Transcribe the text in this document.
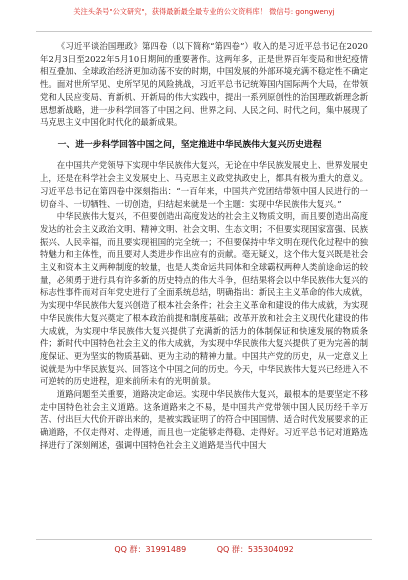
关注头条号"公文研究"，获得最新最全最专业的公文资料库！ 微信号: gongwenyj

《习近平谈治国理政》第四卷（以下简称“第四卷”）收入的是习近平总书记在2020年2月3日至2022年5月10日期间的重要著作。这两年多，正是世界百年变局和世纪疫情相互叠加、全球政治经济更加动荡不安的时期，中国发展的外部环境充满不稳定性不确定性。面对世所罕见、史所罕见的风险挑战，习近平总书记统筹国内国际两个大局，在带领党和人民应变局、育新机、开新局的伟大实践中，提出一系列原创性的治国理政新理念新思想新战略，进一步科学回答了中国之问、世界之问、人民之问、时代之问，集中展现了马克思主义中国化时代化的最新成果。

一、进一步科学回答中国之问，坚定推进中华民族伟大复兴历史进程

在中国共产党领导下实现中华民族伟大复兴，无论在中华民族发展史上、世界发展史上，还是在科学社会主义发展史上、马克思主义政党执政史上，都具有极为重大的意义。习近平总书记在第四卷中深刻指出：“一百年来，中国共产党团结带领中国人民进行的一切奋斗、一切牺牲、一切创造，归结起来就是一个主题：实现中华民族伟大复兴。”

中华民族伟大复兴，不但要创造出高度发达的社会主义物质文明，而且要创造出高度发达的社会主义政治文明、精神文明、社会文明、生态文明；不但要实现国家富强、民族振兴、人民幸福，而且要实现祖国的完全统一；不但要保持中华文明在现代化过程中的独特魅力和主体性，而且要对人类进步作出应有的贡献。毫无疑义，这个伟大复兴既是社会主义和资本主义两种制度的较量，也是人类命运共同体和全球霸权两种人类前途命运的较量，必须勇于进行具有许多新的历史特点的伟大斗争，但结果将会以中华民族伟大复兴的标志性事件而对百年党史进行了全面系统总结，明确指出：新民主主义革命的伟大成就，为实现中华民族伟大复兴创造了根本社会条件；社会主义革命和建设的伟大成就，为实现中华民族伟大复兴奠定了根本政治前提和制度基础；改革开放和社会主义现代化建设的伟大成就，为实现中华民族伟大复兴提供了充满新的活力的体制保证和快速发展的物质条件；新时代中国特色社会主义的伟大成就，为实现中华民族伟大复兴提供了更为完善的制度保证、更为坚实的物质基础、更为主动的精神力量。中国共产党的历史，从一定意义上说就是为中华民族复兴、回答这个中国之问的历史。今天，中华民族伟大复兴已经进入不可逆转的历史进程，迎来前所未有的光明前景。

道路问题至关重要，道路决定命运。实现中华民族伟大复兴，最根本的是要坚定不移走中国特色社会主义道路。这条道路来之不易，是中国共产党带领中国人民历经千辛万苦、付出巨大代价开辟出来的，是被实践证明了的符合中国国情、适合时代发展要求的正确道路，不仅走得对、走得通，而且也一定能够走得稳、走得好。习近平总书记对道路选择进行了深刻阐述，强调中国特色社会主义道路是当代中国大

QQ 群：31991489	QQ 群：535304092
